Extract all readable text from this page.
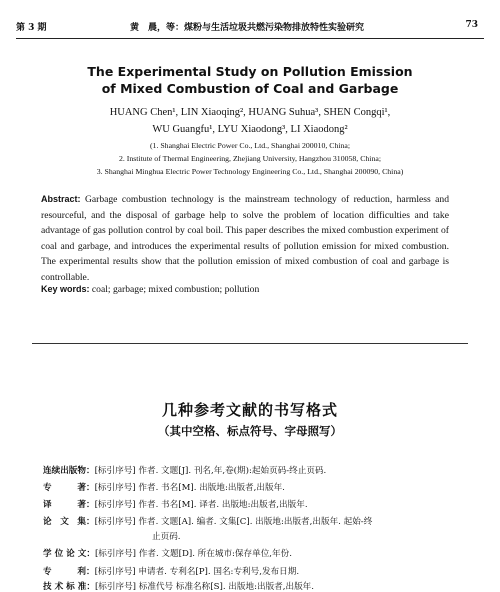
第 3 期	黄　晨，等：煤粉与生活垃圾共燃污染物排放特性实验研究	73
The Experimental Study on Pollution Emission
of Mixed Combustion of Coal and Garbage
HUANG Chen¹, LIN Xiaoqing², HUANG Suhua³, SHEN Congqi¹,
WU Guangfu¹, LYU Xiaodong³, LI Xiaodong²
(1. Shanghai Electric Power Co., Ltd., Shanghai 200010, China;
2. Institute of Thermal Engineering, Zhejiang University, Hangzhou 310058, China;
3. Shanghai Minghua Electric Power Technology Engineering Co., Ltd., Shanghai 200090, China)

Abstract: Garbage combustion technology is the mainstream technology of reduction, harmless and resourceful, and the disposal of garbage help to solve the problem of location difficulties and take advantage of gas pollution control by coal boil. This paper describes the mixed combustion experiment of coal and garbage, and introduces the experimental results of pollution emission for mixed combustion. The experimental results show that the pollution emission of mixed combustion of coal and garbage is controllable.

Key words: coal; garbage; mixed combustion; pollution
几种参考文献的书写格式
（其中空格、标点符号、字母照写）
连续出版物：[标引序号] 作者. 文题[J]. 刊名,年,卷(期):起始页码-终止页码.
专　　　著：[标引序号] 作者. 书名[M]. 出版地:出版者,出版年.
译　　　著：[标引序号] 作者. 书名[M]. 译者. 出版地:出版者,出版年.
论　文　集：[标引序号] 作者. 文题[A]. 编者. 文集[C]. 出版地:出版者,出版年. 起始-终
止页码.
学 位 论 文：[标引序号] 作者. 文题[D]. 所在城市:保存单位,年份.
专　　　利：[标引序号] 申请者. 专利名[P]. 国名:专利号,发布日期.
技 术 标 准：[标引序号] 标准代号 标准名称[S]. 出版地:出版者,出版年.
